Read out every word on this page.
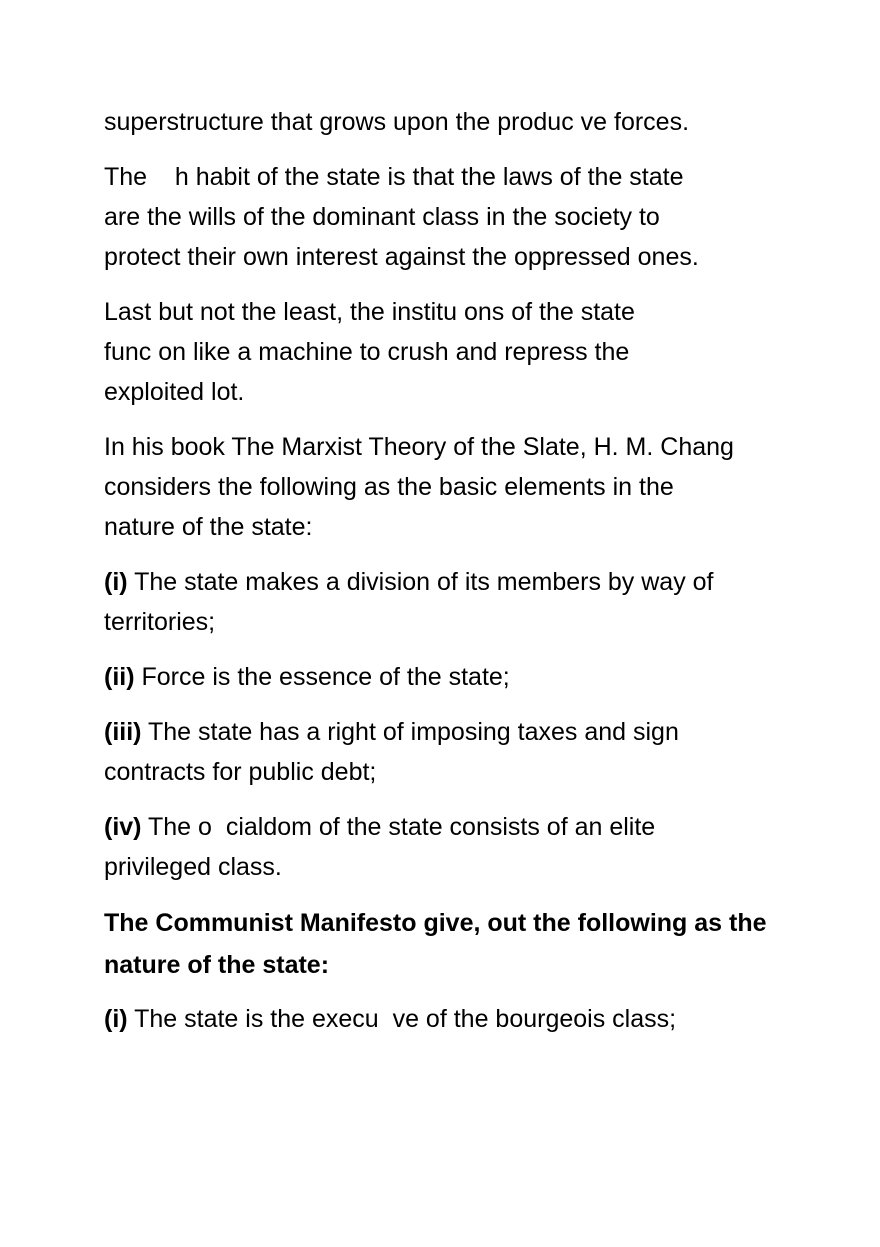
superstructure that grows upon the produc ve forces.

The    h habit of the state is that the laws of the state
are the wills of the dominant class in the society to
protect their own interest against the oppressed ones.

Last but not the least, the institu ons of the state
func on like a machine to crush and repress the
exploited lot.

In his book The Marxist Theory of the Slate, H. M. Chang
considers the following as the basic elements in the
nature of the state:

(i) The state makes a division of its members by way of
territories;

(ii) Force is the essence of the state;

(iii) The state has a right of imposing taxes and sign
contracts for public debt;

(iv) The o  cialdom of the state consists of an elite
privileged class.

The Communist Manifesto give, out the following as the
nature of the state:

(i) The state is the execu  ve of the bourgeois class;
